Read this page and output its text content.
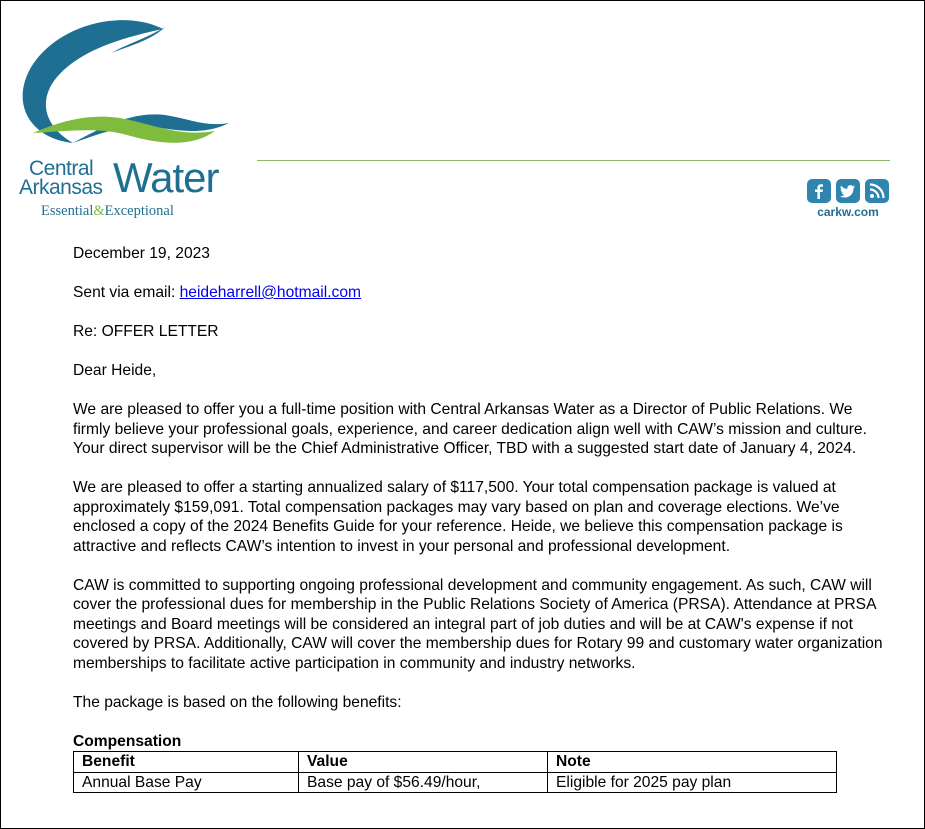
Central
Arkansas Water
Essential&Exceptional	carkw.com

December 19, 2023

Sent via email: heideharrell@hotmail.com

Re: OFFER LETTER

Dear Heide,

We are pleased to offer you a full-time position with Central Arkansas Water as a Director of Public Relations. We firmly believe your professional goals, experience, and career dedication align well with CAW’s mission and culture. Your direct supervisor will be the Chief Administrative Officer, TBD with a suggested start date of January 4, 2024.

We are pleased to offer a starting annualized salary of $117,500. Your total compensation package is valued at approximately $159,091. Total compensation packages may vary based on plan and coverage elections. We’ve enclosed a copy of the 2024 Benefits Guide for your reference. Heide, we believe this compensation package is attractive and reflects CAW’s intention to invest in your personal and professional development.

CAW is committed to supporting ongoing professional development and community engagement. As such, CAW will cover the professional dues for membership in the Public Relations Society of America (PRSA). Attendance at PRSA meetings and Board meetings will be considered an integral part of job duties and will be at CAW's expense if not covered by PRSA. Additionally, CAW will cover the membership dues for Rotary 99 and customary water organization memberships to facilitate active participation in community and industry networks.

The package is based on the following benefits:

Compensation

Benefit	Value	Note
Annual Base Pay	Base pay of $56.49/hour,	Eligible for 2025 pay plan
